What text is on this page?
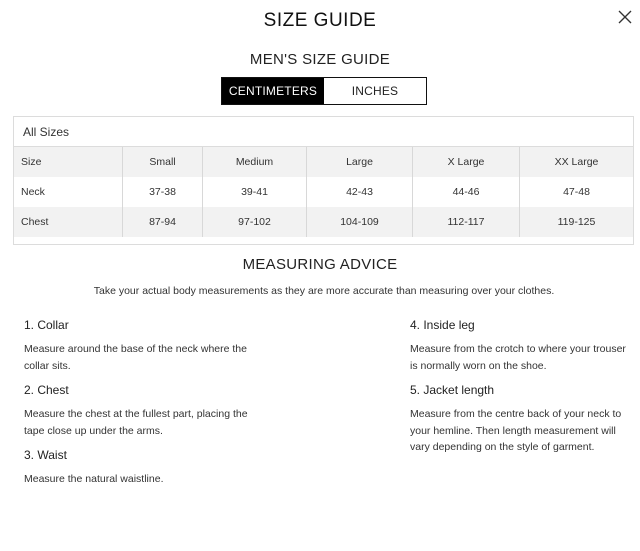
SIZE GUIDE
MEN'S SIZE GUIDE
CENTIMETERS	INCHES
All Sizes
Size	Small	Medium	Large	X Large	XX Large
Neck	37-38	39-41	42-43	44-46	47-48
Chest	87-94	97-102	104-109	112-117	119-125
MEASURING ADVICE
Take your actual body measurements as they are more accurate than measuring over your clothes.
1. Collar
Measure around the base of the neck where the collar sits.
2. Chest
Measure the chest at the fullest part, placing the tape close up under the arms.
3. Waist
Measure the natural waistline.
4. Inside leg
Measure from the crotch to where your trouser is normally worn on the shoe.
5. Jacket length
Measure from the centre back of your neck to your hemline. Then length measurement will vary depending on the style of garment.
